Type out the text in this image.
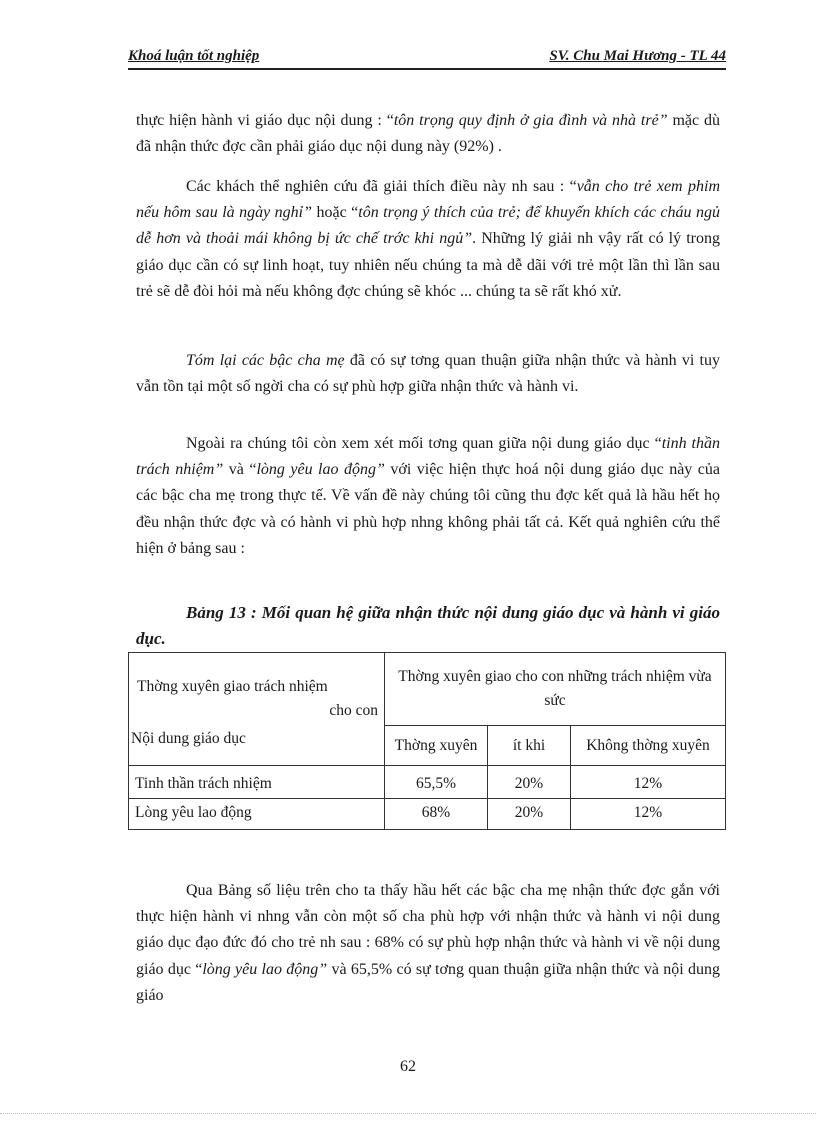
Khoá luận tốt nghiệp	SV. Chu Mai Hương - TL 44

thực hiện hành vi giáo dục nội dung : “tôn trọng quy định ở gia đình và nhà trẻ” mặc dù đã nhận thức đợc cần phải giáo dục nội dung này (92%) .

Các khách thể nghiên cứu đã giải thích điều này nh sau : “vẫn cho trẻ xem phim nếu hôm sau là ngày nghỉ” hoặc “tôn trọng ý thích của trẻ; để khuyến khích các cháu ngủ dễ hơn và thoải mái không bị ức chế trớc khi ngủ”. Những lý giải nh vậy rất có lý trong giáo dục cần có sự linh hoạt, tuy nhiên nếu chúng ta mà dễ dãi với trẻ một lần thì lần sau trẻ sẽ dễ đòi hỏi mà nếu không đợc chúng sẽ khóc ... chúng ta sẽ rất khó xử.

Tóm lại các bậc cha mẹ đã có sự tơng quan thuận giữa nhận thức và hành vi tuy vẫn tồn tại một số ngời cha có sự phù hợp giữa nhận thức và hành vi.

Ngoài ra chúng tôi còn xem xét mối tơng quan giữa nội dung giáo dục “tinh thần trách nhiệm” và “lòng yêu lao động” với việc hiện thực hoá nội dung giáo dục này của các bậc cha mẹ trong thực tế. Về vấn đề này chúng tôi cũng thu đợc kết quả là hầu hết họ đều nhận thức đợc và có hành vi phù hợp nhng không phải tất cả. Kết quả nghiên cứu thể hiện ở bảng sau :

Bảng 13 : Mối quan hệ giữa nhận thức nội dung giáo dục và hành vi giáo dục.
Thờng xuyên giao trách nhiệm
cho con
Nội dung giáo dục	Thờng xuyên giao cho con những trách nhiệm vừa sức		
	Thờng xuyên	ít khi	Không thờng xuyên
Tinh thần trách nhiệm	65,5%	20%	12%
Lòng yêu lao động	68%	20%	12%

Qua Bảng số liệu trên cho ta thấy hầu hết các bậc cha mẹ nhận thức đợc gắn với thực hiện hành vi nhng vẫn còn một số cha phù hợp với nhận thức và hành vi nội dung giáo dục đạo đức đó cho trẻ nh sau : 68% có sự phù hợp nhận thức và hành vi về nội dung giáo dục “lòng yêu lao động” và 65,5% có sự tơng quan thuận giữa nhận thức và nội dung giáo

62
